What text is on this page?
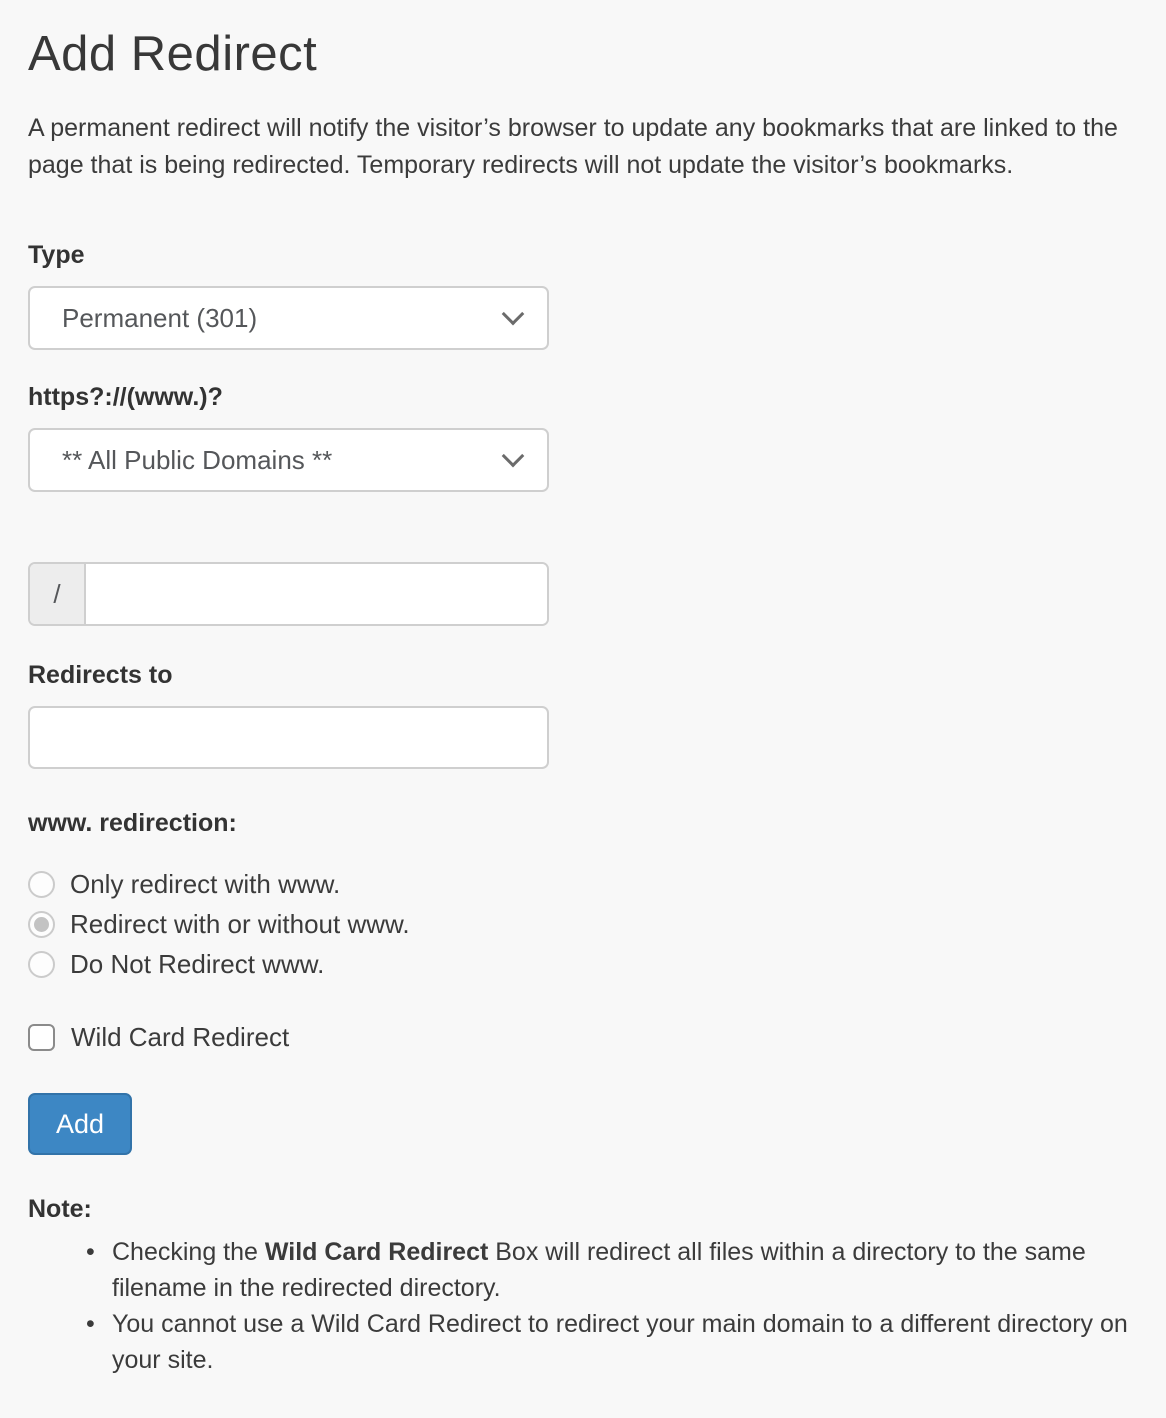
Add Redirect

A permanent redirect will notify the visitor’s browser to update any bookmarks that are linked to the page that is being redirected. Temporary redirects will not update the visitor’s bookmarks.

Type
Permanent (301)
https?://(www.)?
** All Public Domains **
/
Redirects to
www. redirection:
Only redirect with www.
Redirect with or without www.
Do Not Redirect www.
Wild Card Redirect
Add
Note:
• Checking the Wild Card Redirect Box will redirect all files within a directory to the same filename in the redirected directory.
• You cannot use a Wild Card Redirect to redirect your main domain to a different directory on your site.
